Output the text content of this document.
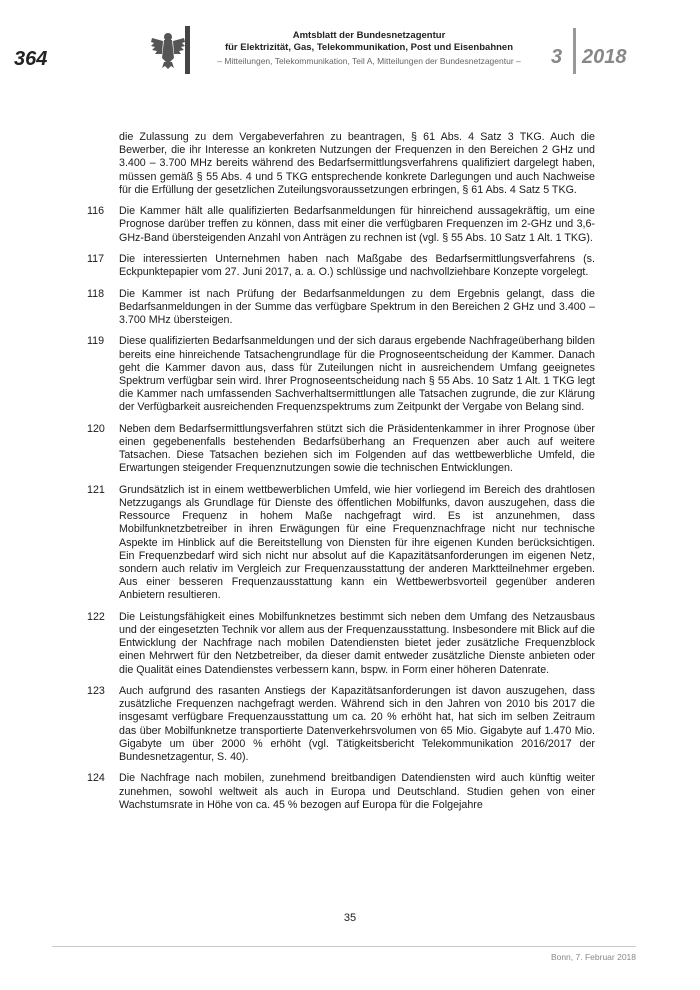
364
Amtsblatt der Bundesnetzagentur
für Elektrizität, Gas, Telekommunikation, Post und Eisenbahnen
– Mitteilungen, Telekommunikation, Teil A, Mitteilungen der Bundesnetzagentur –	3 2018
die Zulassung zu dem Vergabeverfahren zu beantragen, § 61 Abs. 4 Satz 3 TKG. Auch die Bewerber, die ihr Interesse an konkreten Nutzungen der Frequenzen in den Bereichen 2 GHz und 3.400 – 3.700 MHz bereits während des Bedarfsermittlungsverfahrens qualifiziert dargelegt haben, müssen gemäß § 55 Abs. 4 und 5 TKG entsprechende konkrete Darlegungen und auch Nachweise für die Erfüllung der gesetzlichen Zuteilungsvoraussetzungen erbringen, § 61 Abs. 4 Satz 5 TKG.
116	Die Kammer hält alle qualifizierten Bedarfsanmeldungen für hinreichend aussagekräftig, um eine Prognose darüber treffen zu können, dass mit einer die verfügbaren Frequenzen im 2-GHz und 3,6-GHz-Band übersteigenden Anzahl von Anträgen zu rechnen ist (vgl. § 55 Abs. 10 Satz 1 Alt. 1 TKG).
117	Die interessierten Unternehmen haben nach Maßgabe des Bedarfsermittlungsverfahrens (s. Eckpunktepapier vom 27. Juni 2017, a. a. O.) schlüssige und nachvollziehbare Konzepte vorgelegt.
118	Die Kammer ist nach Prüfung der Bedarfsanmeldungen zu dem Ergebnis gelangt, dass die Bedarfsanmeldungen in der Summe das verfügbare Spektrum in den Bereichen 2 GHz und 3.400 – 3.700 MHz übersteigen.
119	Diese qualifizierten Bedarfsanmeldungen und der sich daraus ergebende Nachfrageüberhang bilden bereits eine hinreichende Tatsachengrundlage für die Prognoseentscheidung der Kammer. Danach geht die Kammer davon aus, dass für Zuteilungen nicht in ausreichendem Umfang geeignetes Spektrum verfügbar sein wird. Ihrer Prognoseentscheidung nach § 55 Abs. 10 Satz 1 Alt. 1 TKG legt die Kammer nach umfassenden Sachverhaltsermittlungen alle Tatsachen zugrunde, die zur Klärung der Verfügbarkeit ausreichenden Frequenzspektrums zum Zeitpunkt der Vergabe von Belang sind.
120	Neben dem Bedarfsermittlungsverfahren stützt sich die Präsidentenkammer in ihrer Prognose über einen gegebenenfalls bestehenden Bedarfsüberhang an Frequenzen aber auch auf weitere Tatsachen. Diese Tatsachen beziehen sich im Folgenden auf das wettbewerbliche Umfeld, die Erwartungen steigender Frequenznutzungen sowie die technischen Entwicklungen.
121	Grundsätzlich ist in einem wettbewerblichen Umfeld, wie hier vorliegend im Bereich des drahtlosen Netzzugangs als Grundlage für Dienste des öffentlichen Mobilfunks, davon auszugehen, dass die Ressource Frequenz in hohem Maße nachgefragt wird. Es ist anzunehmen, dass Mobilfunknetzbetreiber in ihren Erwägungen für eine Frequenznachfrage nicht nur technische Aspekte im Hinblick auf die Bereitstellung von Diensten für ihre eigenen Kunden berücksichtigen. Ein Frequenzbedarf wird sich nicht nur absolut auf die Kapazitätsanforderungen im eigenen Netz, sondern auch relativ im Vergleich zur Frequenzausstattung der anderen Marktteilnehmer ergeben. Aus einer besseren Frequenzausstattung kann ein Wettbewerbsvorteil gegenüber anderen Anbietern resultieren.
122	Die Leistungsfähigkeit eines Mobilfunknetzes bestimmt sich neben dem Umfang des Netzausbaus und der eingesetzten Technik vor allem aus der Frequenzausstattung. Insbesondere mit Blick auf die Entwicklung der Nachfrage nach mobilen Datendiensten bietet jeder zusätzliche Frequenzblock einen Mehrwert für den Netzbetreiber, da dieser damit entweder zusätzliche Dienste anbieten oder die Qualität eines Datendienstes verbessern kann, bspw. in Form einer höheren Datenrate.
123	Auch aufgrund des rasanten Anstiegs der Kapazitätsanforderungen ist davon auszugehen, dass zusätzliche Frequenzen nachgefragt werden. Während sich in den Jahren von 2010 bis 2017 die insgesamt verfügbare Frequenzausstattung um ca. 20 % erhöht hat, hat sich im selben Zeitraum das über Mobilfunknetze transportierte Datenverkehrsvolumen von 65 Mio. Gigabyte auf 1.470 Mio. Gigabyte um über 2000 % erhöht (vgl. Tätigkeitsbericht Telekommunikation 2016/2017 der Bundesnetzagentur, S. 40).
124	Die Nachfrage nach mobilen, zunehmend breitbandigen Datendiensten wird auch künftig weiter zunehmen, sowohl weltweit als auch in Europa und Deutschland. Studien gehen von einer Wachstumsrate in Höhe von ca. 45 % bezogen auf Europa für die Folgejahre
35
Bonn, 7. Februar 2018
